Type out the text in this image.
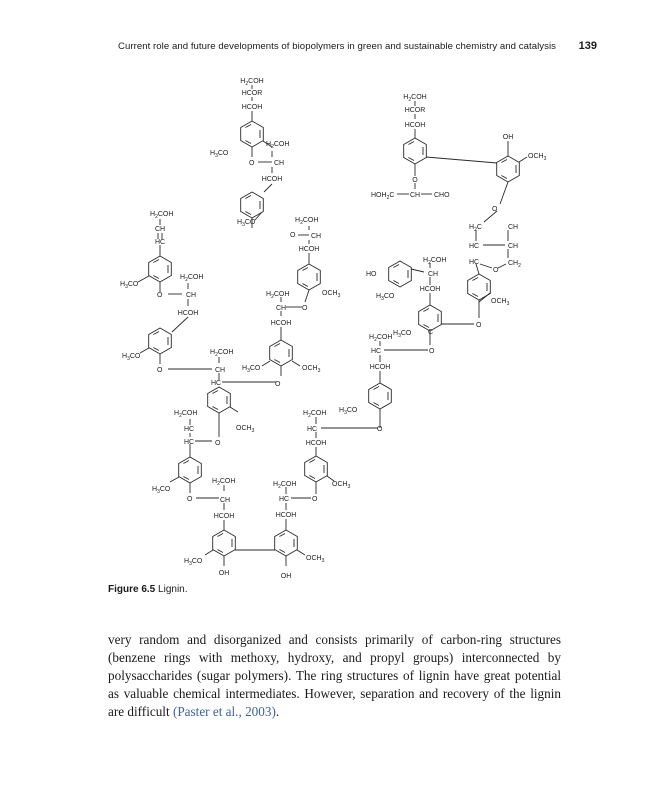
Current role and future developments of biopolymers in green and sustainable chemistry and catalysis 139
$H_2COH$
HCOR
HCOH
$H_3CO$
$H_2COH$
O	CH
HCOH
$H_3CO$	$H_2COH$
O CH
HCOH
$OCH_3$
$H_2COH$
HCOR
HCOH
O
$HOH_2C$ CH CHO
OH
$OCH_3$
O
$H_2C$	CH
HC	CH
HC	$CH_2$
O
HO
$H_2COH$
CH
HCOH
$H_3CO$
$OCH_3$
O
$H_2COH$
$H_3CO$ C
HC	O
HCOH
$H_2COH$
CH
HC
$H_3CO$
$H_2COH$
O	CH
HCOH
$H_3CO$
$H_2COH$
O	CH
HC
$H_3CO$	$OCH_3$
O
$H_2COH$
CH O
HCOH
$H_2COH$
$OCH_3$
HC
HC	O
$H_3CO$
$H_2COH$
O	CH
HCOH
$H_3CO$
OH
$OCH_3$
OH
$H_2COH$ $H_3CO$
HC	O
HCOH
$OCH_3$
$H_2COH$
HC	O
HCOH
Figure 6.5 Lignin.

very random and disorganized and consists primarily of carbon-ring structures (benzene rings with methoxy, hydroxy, and propyl groups) interconnected by polysaccharides (sugar polymers). The ring structures of lignin have great potential as valuable chemical intermediates. However, separation and recovery of the lignin are difficult (Paster et al., 2003).
